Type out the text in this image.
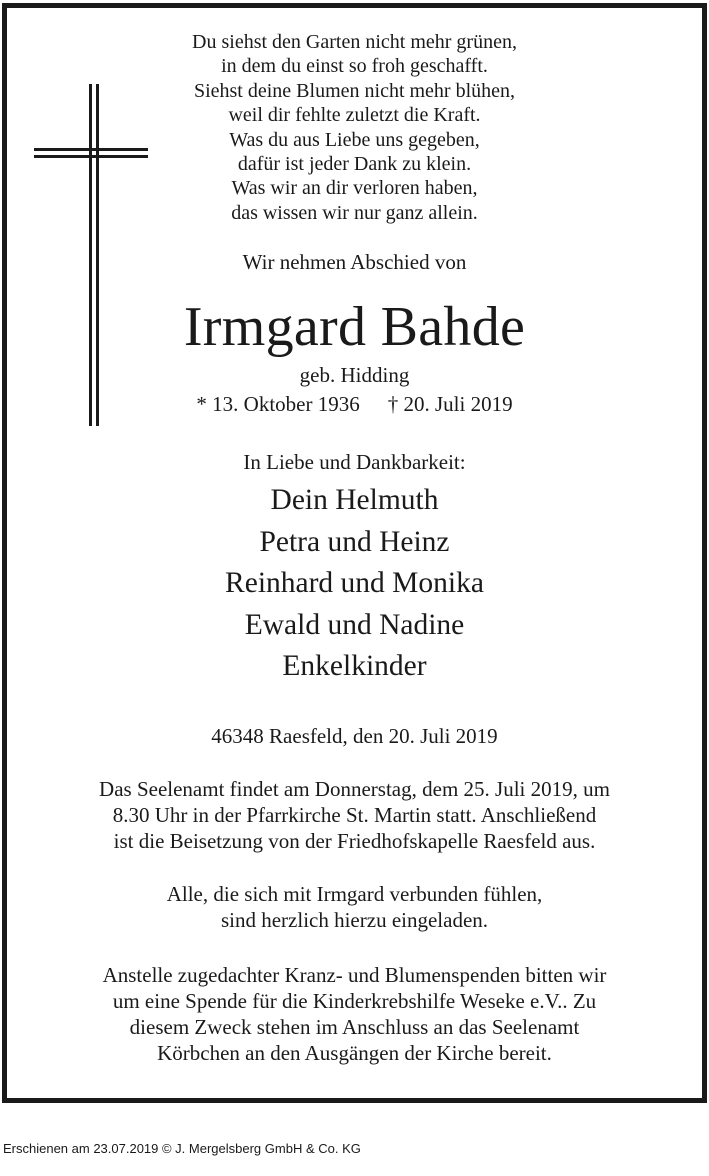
Du siehst den Garten nicht mehr grünen,
in dem du einst so froh geschafft.
Siehst deine Blumen nicht mehr blühen,
weil dir fehlte zuletzt die Kraft.
Was du aus Liebe uns gegeben,
dafür ist jeder Dank zu klein.
Was wir an dir verloren haben,
das wissen wir nur ganz allein.
Wir nehmen Abschied von
Irmgard Bahde
geb. Hidding
* 13. Oktober 1936 † 20. Juli 2019
In Liebe und Dankbarkeit:
Dein Helmuth
Petra und Heinz
Reinhard und Monika
Ewald und Nadine
Enkelkinder
46348 Raesfeld, den 20. Juli 2019
Das Seelenamt findet am Donnerstag, dem 25. Juli 2019, um
8.30 Uhr in der Pfarrkirche St. Martin statt. Anschließend
ist die Beisetzung von der Friedhofskapelle Raesfeld aus.
Alle, die sich mit Irmgard verbunden fühlen,
sind herzlich hierzu eingeladen.
Anstelle zugedachter Kranz- und Blumenspenden bitten wir
um eine Spende für die Kinderkrebshilfe Weseke e.V.. Zu
diesem Zweck stehen im Anschluss an das Seelenamt
Körbchen an den Ausgängen der Kirche bereit.
Erschienen am 23.07.2019 © J. Mergelsberg GmbH & Co. KG
